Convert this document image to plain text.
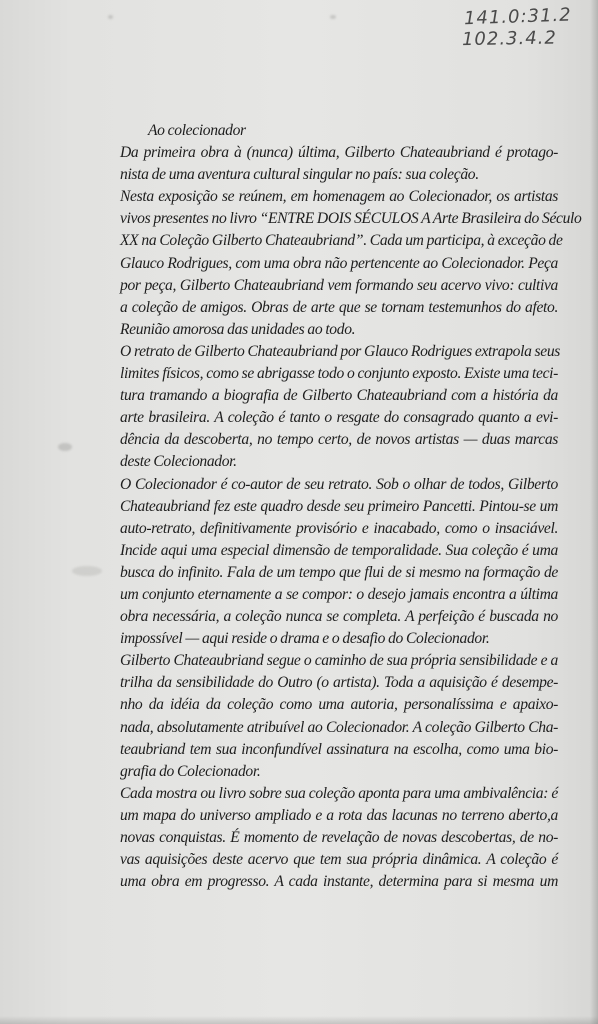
141.0:31.2
102.3.4.2
Ao colecionador
Da primeira obra à (nunca) última, Gilberto Chateaubriand é protago-
nista de uma aventura cultural singular no país: sua coleção.
Nesta exposição se reúnem, em homenagem ao Colecionador, os artistas
vivos presentes no livro “ENTRE DOIS SÉCULOS A Arte Brasileira do Século
XX na Coleção Gilberto Chateaubriand”. Cada um participa, à exceção de
Glauco Rodrigues, com uma obra não pertencente ao Colecionador. Peça
por peça, Gilberto Chateaubriand vem formando seu acervo vivo: cultiva
a coleção de amigos. Obras de arte que se tornam testemunhos do afeto.
Reunião amorosa das unidades ao todo.
O retrato de Gilberto Chateaubriand por Glauco Rodrigues extrapola seus
limites físicos, como se abrigasse todo o conjunto exposto. Existe uma teci-
tura tramando a biografia de Gilberto Chateaubriand com a história da
arte brasileira. A coleção é tanto o resgate do consagrado quanto a evi-
dência da descoberta, no tempo certo, de novos artistas — duas marcas
deste Colecionador.
O Colecionador é co-autor de seu retrato. Sob o olhar de todos, Gilberto
Chateaubriand fez este quadro desde seu primeiro Pancetti. Pintou-se um
auto-retrato, definitivamente provisório e inacabado, como o insaciável.
Incide aqui uma especial dimensão de temporalidade. Sua coleção é uma
busca do infinito. Fala de um tempo que flui de si mesmo na formação de
um conjunto eternamente a se compor: o desejo jamais encontra a última
obra necessária, a coleção nunca se completa. A perfeição é buscada no
impossível — aqui reside o drama e o desafio do Colecionador.
Gilberto Chateaubriand segue o caminho de sua própria sensibilidade e a
trilha da sensibilidade do Outro (o artista). Toda a aquisição é desempe-
nho da idéia da coleção como uma autoria, personalíssima e apaixo-
nada, absolutamente atribuível ao Colecionador. A coleção Gilberto Cha-
teaubriand tem sua inconfundível assinatura na escolha, como uma bio-
grafia do Colecionador.
Cada mostra ou livro sobre sua coleção aponta para uma ambivalência: é
um mapa do universo ampliado e a rota das lacunas no terreno aberto,a
novas conquistas. É momento de revelação de novas descobertas, de no-
vas aquisições deste acervo que tem sua própria dinâmica. A coleção é
uma obra em progresso. A cada instante, determina para si mesma um
